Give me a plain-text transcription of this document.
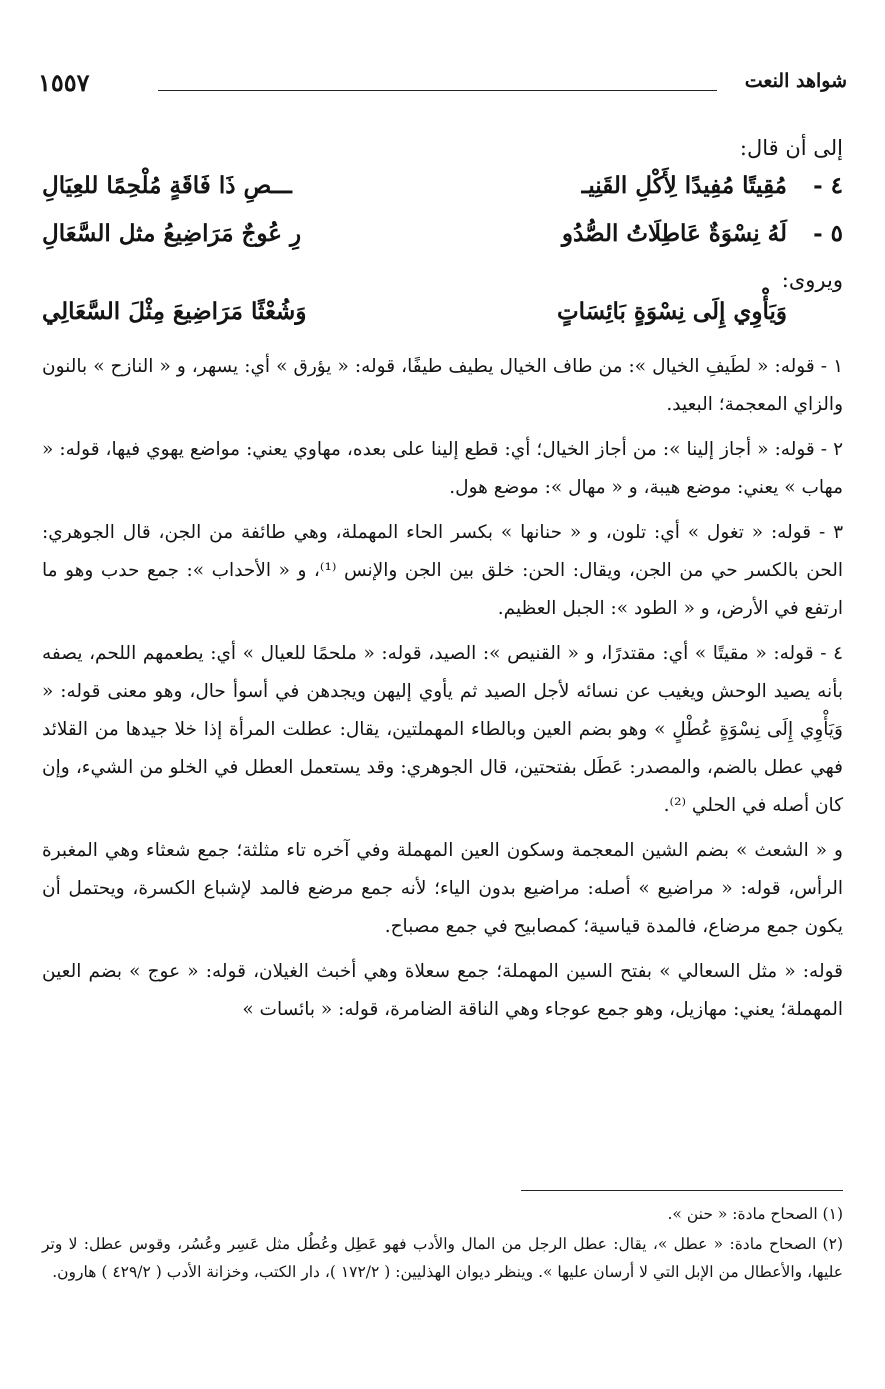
شواهد النعت
١٥٥٧

إلى أن قال:

٤ -
مُقِيتًا مُفِيدًا لِأَكْلِ القَنِيـ
ـــصِ ذَا فَاقَةٍ مُلْحِمًا للعِيَالِ
٥ -
لَهُ نِسْوَةٌ عَاطِلَاتُ الصُّدُو
رِ عُوجٌ مَرَاضِيعُ مثل السَّعَالِ

ويروى:

وَيَأْوِي إِلَى نِسْوَةٍ بَائِسَاتٍ
وَشُعْثًا مَرَاضِيعَ مِثْلَ السَّعَالِي

١ - قوله: « لطَيفِ الخيال »: من طاف الخيال يطيف طيفًا، قوله: « يؤرق » أي: يسهر، و « النازح » بالنون والزاي المعجمة؛ البعيد.

٢ - قوله: « أجاز إلينا »: من أجاز الخيال؛ أي: قطع إلينا على بعده، مهاوي يعني: مواضع يهوي فيها، قوله: « مهاب » يعني: موضع هيبة، و « مهال »: موضع هول.

٣ - قوله: « تغول » أي: تلون، و « حنانها » بكسر الحاء المهملة، وهي طائفة من الجن، قال الجوهري: الحن بالكسر حي من الجن، ويقال: الحن: خلق بين الجن والإنس ⁽¹⁾، و « الأحداب »: جمع حدب وهو ما ارتفع في الأرض، و « الطود »: الجبل العظيم.

٤ - قوله: « مقيتًا » أي: مقتدرًا، و « القنيص »: الصيد، قوله: « ملحمًا للعيال » أي: يطعمهم اللحم، يصفه بأنه يصيد الوحش ويغيب عن نسائه لأجل الصيد ثم يأوي إليهن ويجدهن في أسوأ حال، وهو معنى قوله: « وَيَأْوِي إِلَى نِسْوَةٍ عُطْلٍ » وهو بضم العين وبالطاء المهملتين، يقال: عطلت المرأة إذا خلا جيدها من القلائد فهي عطل بالضم، والمصدر: عَطَل بفتحتين، قال الجوهري: وقد يستعمل العطل في الخلو من الشيء، وإن كان أصله في الحلي ⁽²⁾.

و « الشعث » بضم الشين المعجمة وسكون العين المهملة وفي آخره تاء مثلثة؛ جمع شعثاء وهي المغبرة الرأس، قوله: « مراضيع » أصله: مراضيع بدون الياء؛ لأنه جمع مرضع فالمد لإشباع الكسرة، ويحتمل أن يكون جمع مرضاع، فالمدة قياسية؛ كمصابيح في جمع مصباح.

قوله: « مثل السعالي » بفتح السين المهملة؛ جمع سعلاة وهي أخبث الغيلان، قوله: « عوج » بضم العين المهملة؛ يعني: مهازيل، وهو جمع عوجاء وهي الناقة الضامرة، قوله: « بائسات »

(١) الصحاح مادة: « حنن ».

(٢) الصحاح مادة: « عطل »، يقال: عطل الرجل من المال والأدب فهو عَطِل وعُطُل مثل عَسِر وعُسُر، وقوس عطل: لا وتر عليها، والأعطال من الإبل التي لا أرسان عليها ». وينظر ديوان الهذليين: ( ١٧٢/٢ )، دار الكتب، وخزانة الأدب ( ٤٢٩/٢ ) هارون.
